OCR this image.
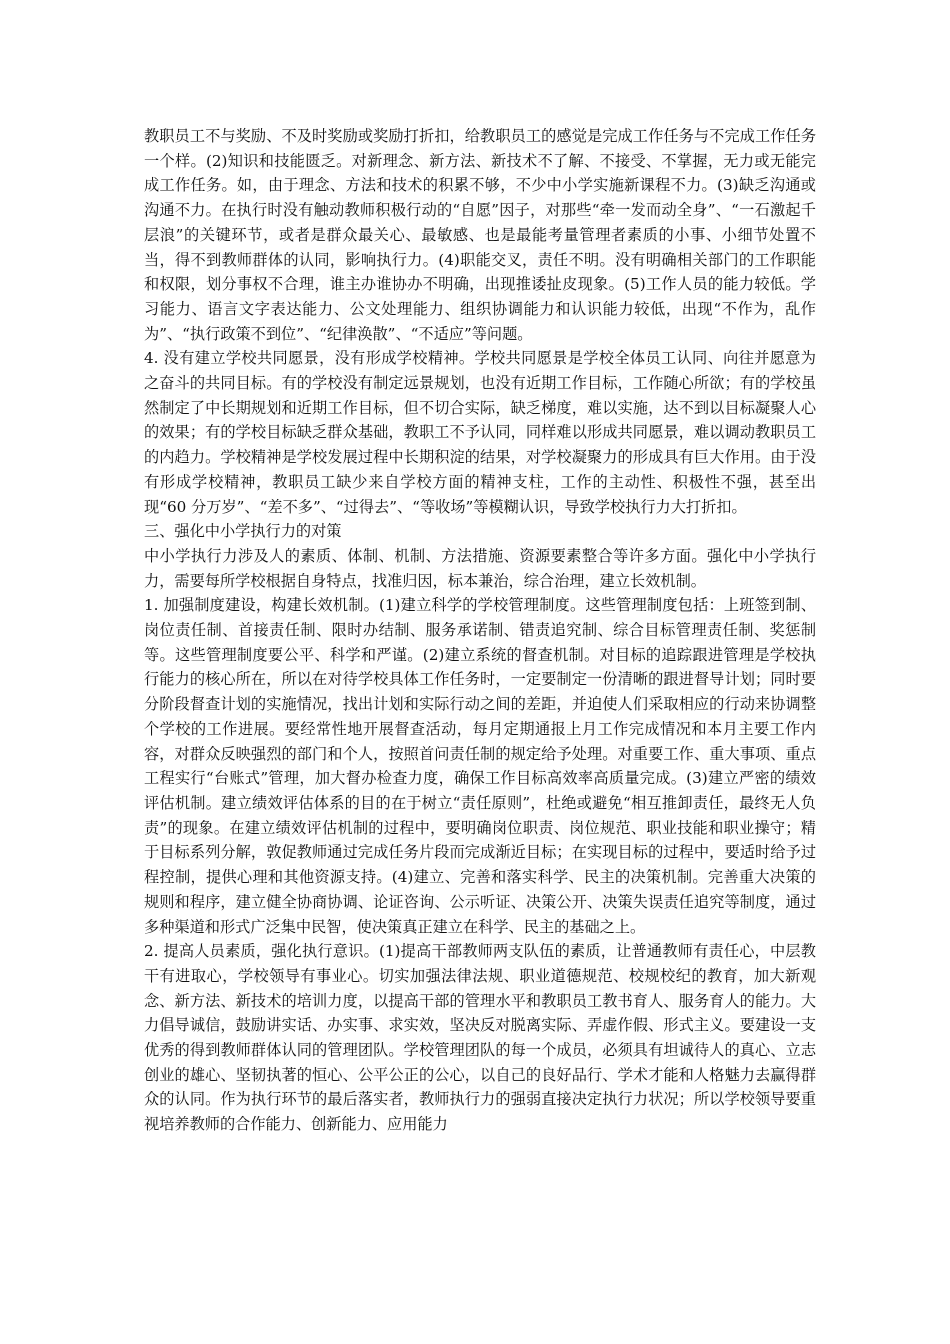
教职员工不与奖励、不及时奖励或奖励打折扣，给教职员工的感觉是完成工作任务与不完成工作任务一个样。(2)知识和技能匮乏。对新理念、新方法、新技术不了解、不接受、不掌握，无力或无能完成工作任务。如，由于理念、方法和技术的积累不够，不少中小学实施新课程不力。(3)缺乏沟通或沟通不力。在执行时没有触动教师积极行动的“自愿”因子，对那些“牵一发而动全身”、“一石激起千层浪”的关键环节，或者是群众最关心、最敏感、也是最能考量管理者素质的小事、小细节处置不当，得不到教师群体的认同，影响执行力。(4)职能交叉，责任不明。没有明确相关部门的工作职能和权限，划分事权不合理，谁主办谁协办不明确，出现推诿扯皮现象。(5)工作人员的能力较低。学习能力、语言文字表达能力、公文处理能力、组织协调能力和认识能力较低，出现“不作为，乱作为”、“执行政策不到位”、“纪律涣散”、“不适应”等问题。

4. 没有建立学校共同愿景，没有形成学校精神。学校共同愿景是学校全体员工认同、向往并愿意为之奋斗的共同目标。有的学校没有制定远景规划，也没有近期工作目标，工作随心所欲；有的学校虽然制定了中长期规划和近期工作目标，但不切合实际，缺乏梯度，难以实施，达不到以目标凝聚人心的效果；有的学校目标缺乏群众基础，教职工不予认同，同样难以形成共同愿景，难以调动教职员工的内趋力。学校精神是学校发展过程中长期积淀的结果，对学校凝聚力的形成具有巨大作用。由于没有形成学校精神，教职员工缺少来自学校方面的精神支柱，工作的主动性、积极性不强，甚至出现“60 分万岁”、“差不多”、“过得去”、“等收场”等模糊认识，导致学校执行力大打折扣。

三、强化中小学执行力的对策

中小学执行力涉及人的素质、体制、机制、方法措施、资源要素整合等许多方面。强化中小学执行力，需要每所学校根据自身特点，找准归因，标本兼治，综合治理，建立长效机制。

1. 加强制度建设，构建长效机制。(1)建立科学的学校管理制度。这些管理制度包括：上班签到制、岗位责任制、首接责任制、限时办结制、服务承诺制、错责追究制、综合目标管理责任制、奖惩制等。这些管理制度要公平、科学和严谨。(2)建立系统的督查机制。对目标的追踪跟进管理是学校执行能力的核心所在，所以在对待学校具体工作任务时，一定要制定一份清晰的跟进督导计划；同时要分阶段督查计划的实施情况，找出计划和实际行动之间的差距，并迫使人们采取相应的行动来协调整个学校的工作进展。要经常性地开展督查活动，每月定期通报上月工作完成情况和本月主要工作内容，对群众反映强烈的部门和个人，按照首问责任制的规定给予处理。对重要工作、重大事项、重点工程实行“台账式”管理，加大督办检查力度，确保工作目标高效率高质量完成。(3)建立严密的绩效评估机制。建立绩效评估体系的目的在于树立“责任原则”，杜绝或避免“相互推卸责任，最终无人负责”的现象。在建立绩效评估机制的过程中，要明确岗位职责、岗位规范、职业技能和职业操守；精于目标系列分解，敦促教师通过完成任务片段而完成渐近目标；在实现目标的过程中，要适时给予过程控制，提供心理和其他资源支持。(4)建立、完善和落实科学、民主的决策机制。完善重大决策的规则和程序，建立健全协商协调、论证咨询、公示听证、决策公开、决策失误责任追究等制度，通过多种渠道和形式广泛集中民智，使决策真正建立在科学、民主的基础之上。

2. 提高人员素质，强化执行意识。(1)提高干部教师两支队伍的素质，让普通教师有责任心，中层教干有进取心，学校领导有事业心。切实加强法律法规、职业道德规范、校规校纪的教育，加大新观念、新方法、新技术的培训力度，以提高干部的管理水平和教职员工教书育人、服务育人的能力。大力倡导诚信，鼓励讲实话、办实事、求实效，坚决反对脱离实际、弄虚作假、形式主义。要建设一支优秀的得到教师群体认同的管理团队。学校管理团队的每一个成员，必须具有坦诚待人的真心、立志创业的雄心、坚韧执著的恒心、公平公正的公心，以自己的良好品行、学术才能和人格魅力去赢得群众的认同。作为执行环节的最后落实者，教师执行力的强弱直接决定执行力状况；所以学校领导要重视培养教师的合作能力、创新能力、应用能力
